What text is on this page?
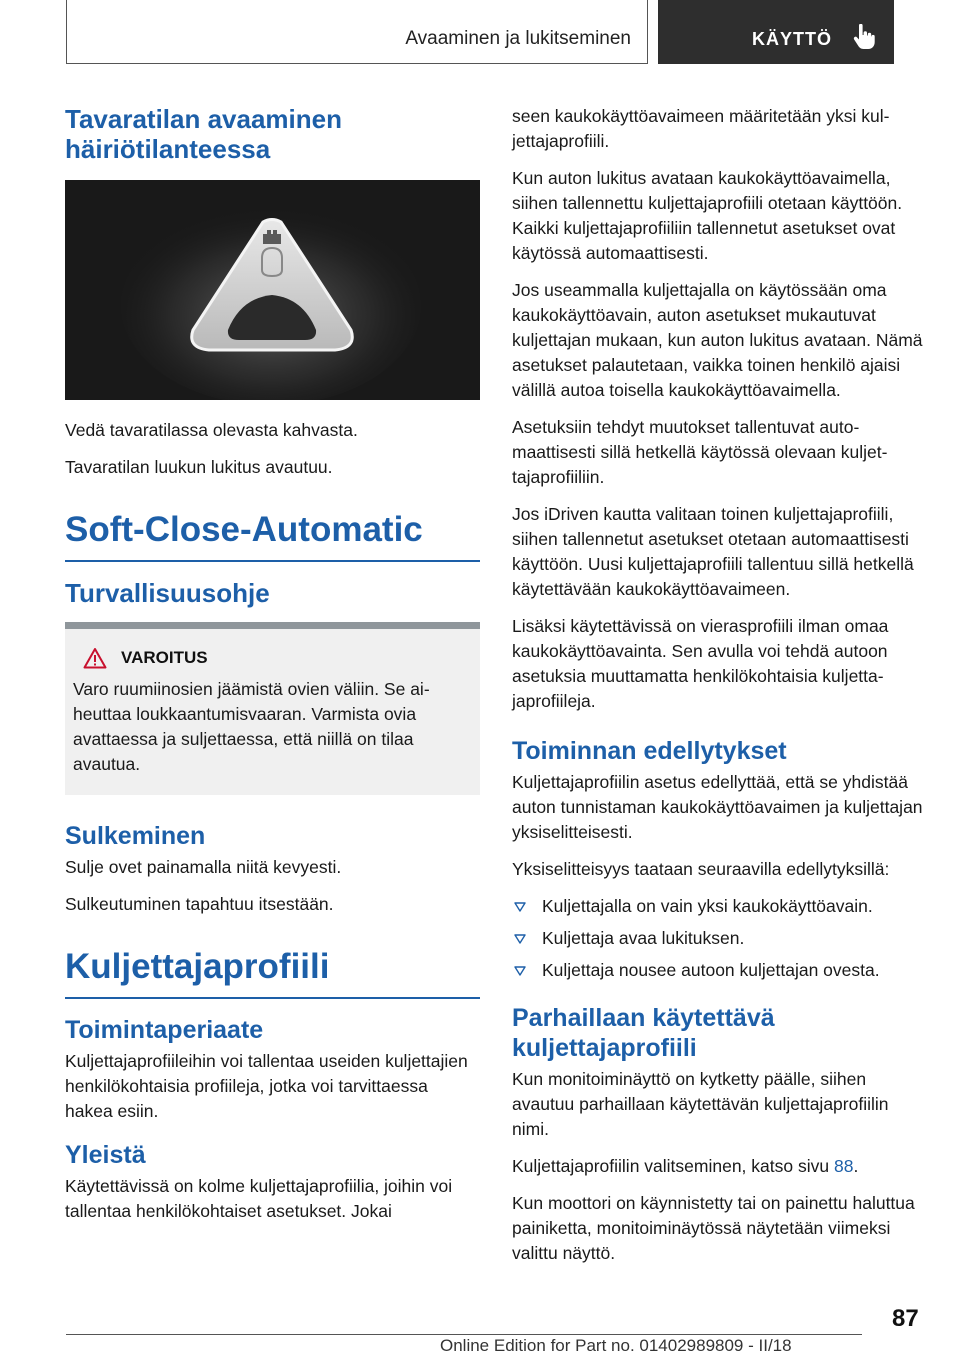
Avaaminen ja lukitseminen	KÄYTTÖ
Tavaratilan avaaminen häiriötilanteessa

Vedä tavaratilassa olevasta kahvasta.

Tavaratilan luukun lukitus avautuu.

Soft-Close-Automatic
Turvallisuusohje
VAROITUS

Varo ruumiinosien jäämistä ovien väliin. Se aiheuttaa loukkaantumisvaaran. Varmista ovia avattaessa ja suljettaessa, että niillä on tilaa avautua.

Sulkeminen

Sulje ovet painamalla niitä kevyesti.

Sulkeutuminen tapahtuu itsestään.

Kuljettajaprofiili
Toimintaperiaate

Kuljettajaprofiileihin voi tallentaa useiden kuljettajien henkilökohtaisia profiileja, jotka voi tarvittaessa hakea esiin.

Yleistä

Käytettävissä on kolme kuljettajaprofiilia, joihin voi tallentaa henkilökohtaiset asetukset. Jokai

seen kaukokäyttöavaimeen määritetään yksi kuljettajaprofiili.

Kun auton lukitus avataan kaukokäyttöavaimella, siihen tallennettu kuljettajaprofiili otetaan käyttöön. Kaikki kuljettajaprofiiliin tallennetut asetukset ovat käytössä automaattisesti.

Jos useammalla kuljettajalla on käytössään oma kaukokäyttöavain, auton asetukset mukautuvat kuljettajan mukaan, kun auton lukitus avataan. Nämä asetukset palautetaan, vaikka toinen henkilö ajaisi välillä autoa toisella kaukokäyttöavaimella.

Asetuksiin tehdyt muutokset tallentuvat automaattisesti sillä hetkellä käytössä olevaan kuljettajaprofiiliin.

Jos iDriven kautta valitaan toinen kuljettajaprofiili, siihen tallennetut asetukset otetaan automaattisesti käyttöön. Uusi kuljettajaprofiili tallentuu sillä hetkellä käytettävään kaukokäyttöavaimeen.

Lisäksi käytettävissä on vierasprofiili ilman omaa kaukokäyttöavainta. Sen avulla voi tehdä autoon asetuksia muuttamatta henkilökohtaisia kuljettajaprofiileja.

Toiminnan edellytykset

Kuljettajaprofiilin asetus edellyttää, että se yhdistää auton tunnistaman kaukokäyttöavaimen ja kuljettajan yksiselitteisesti.

Yksiselitteisyys taataan seuraavilla edellytyksillä:

Kuljettajalla on vain yksi kaukokäyttöavain.
Kuljettaja avaa lukituksen.
Kuljettaja nousee autoon kuljettajan ovesta.
Parhaillaan käytettävä kuljettajaprofiili

Kun monitoiminäyttö on kytketty päälle, siihen avautuu parhaillaan käytettävän kuljettajaprofiilin nimi.

Kuljettajaprofiilin valitseminen, katso sivu 88.

Kun moottori on käynnistetty tai on painettu haluttua painiketta, monitoiminäytössä näytetään viimeksi valittu näyttö.

87
Online Edition for Part no. 01402989809 - II/18
